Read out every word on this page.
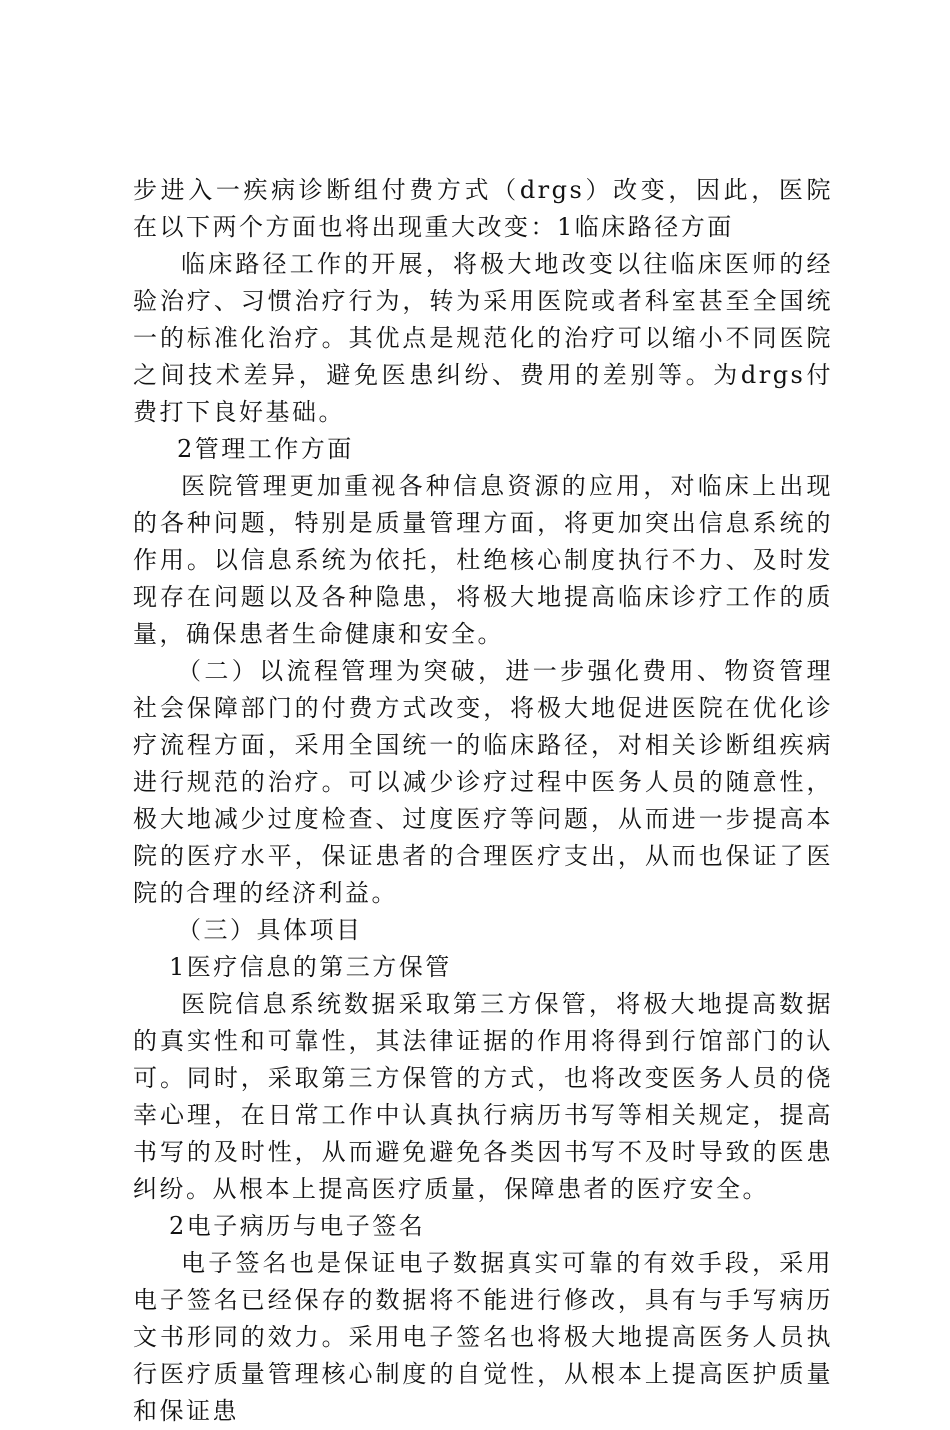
步进入一疾病诊断组付费方式（drgs）改变，因此，医院在以下两个方面也将出现重大改变：1临床路径方面

临床路径工作的开展，将极大地改变以往临床医师的经验治疗、习惯治疗行为，转为采用医院或者科室甚至全国统一的标准化治疗。其优点是规范化的治疗可以缩小不同医院之间技术差异，避免医患纠纷、费用的差别等。为drgs付费打下良好基础。

2管理工作方面

医院管理更加重视各种信息资源的应用，对临床上出现的各种问题，特别是质量管理方面，将更加突出信息系统的作用。以信息系统为依托，杜绝核心制度执行不力、及时发现存在问题以及各种隐患，将极大地提高临床诊疗工作的质量，确保患者生命健康和安全。

（二）以流程管理为突破，进一步强化费用、物资管理社会保障部门的付费方式改变，将极大地促进医院在优化诊疗流程方面，采用全国统一的临床路径，对相关诊断组疾病进行规范的治疗。可以减少诊疗过程中医务人员的随意性，极大地减少过度检查、过度医疗等问题，从而进一步提高本院的医疗水平，保证患者的合理医疗支出，从而也保证了医院的合理的经济利益。

（三）具体项目

1医疗信息的第三方保管

医院信息系统数据采取第三方保管，将极大地提高数据的真实性和可靠性，其法律证据的作用将得到行馆部门的认可。同时，采取第三方保管的方式，也将改变医务人员的侥幸心理，在日常工作中认真执行病历书写等相关规定，提高书写的及时性，从而避免避免各类因书写不及时导致的医患纠纷。从根本上提高医疗质量，保障患者的医疗安全。

2电子病历与电子签名

电子签名也是保证电子数据真实可靠的有效手段，采用电子签名已经保存的数据将不能进行修改，具有与手写病历文书形同的效力。采用电子签名也将极大地提高医务人员执行医疗质量管理核心制度的自觉性，从根本上提高医护质量和保证患
